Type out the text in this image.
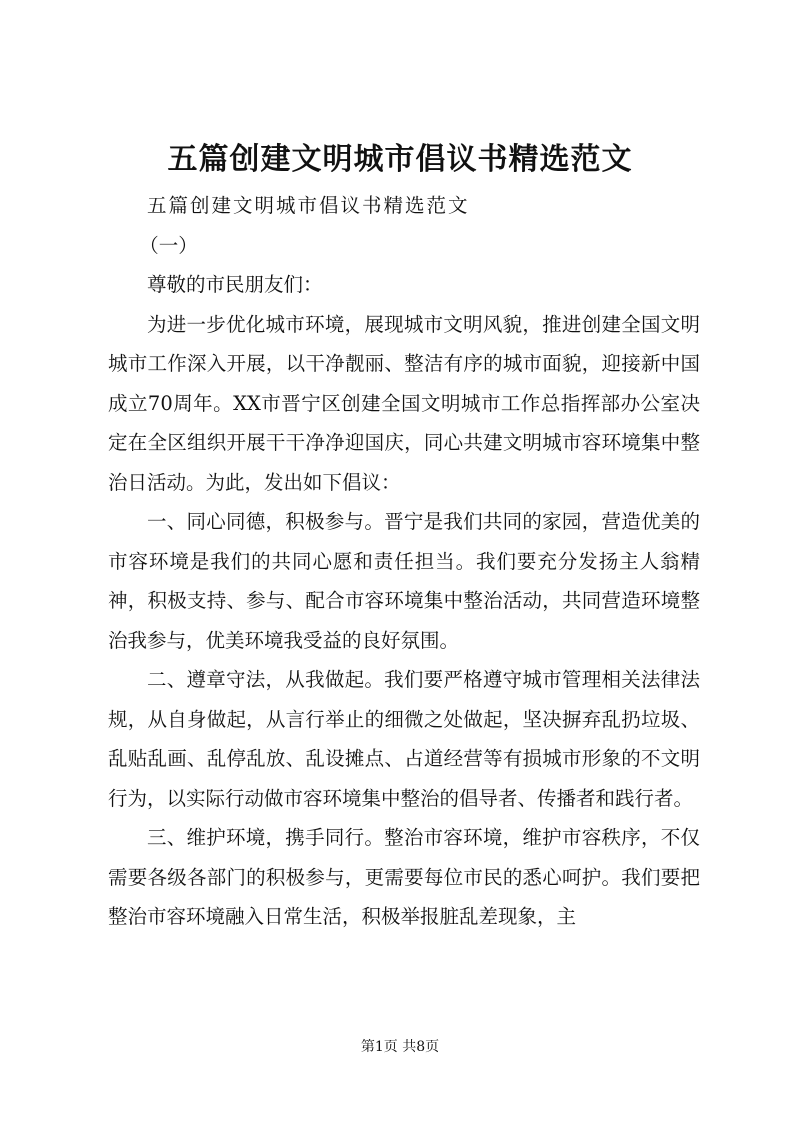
五篇创建文明城市倡议书精选范文

五篇创建文明城市倡议书精选范文

（一）

尊敬的市民朋友们：

为进一步优化城市环境，展现城市文明风貌，推进创建全国文明城市工作深入开展，以干净靓丽、整洁有序的城市面貌，迎接新中国成立70周年。XX市晋宁区创建全国文明城市工作总指挥部办公室决定在全区组织开展干干净净迎国庆，同心共建文明城市容环境集中整治日活动。为此，发出如下倡议：

一、同心同德，积极参与。晋宁是我们共同的家园，营造优美的市容环境是我们的共同心愿和责任担当。我们要充分发扬主人翁精神，积极支持、参与、配合市容环境集中整治活动，共同营造环境整治我参与，优美环境我受益的良好氛围。

二、遵章守法，从我做起。我们要严格遵守城市管理相关法律法规，从自身做起，从言行举止的细微之处做起，坚决摒弃乱扔垃圾、乱贴乱画、乱停乱放、乱设摊点、占道经营等有损城市形象的不文明行为，以实际行动做市容环境集中整治的倡导者、传播者和践行者。

三、维护环境，携手同行。整治市容环境，维护市容秩序，不仅需要各级各部门的积极参与，更需要每位市民的悉心呵护。我们要把整治市容环境融入日常生活，积极举报脏乱差现象，主

第1页 共8页
